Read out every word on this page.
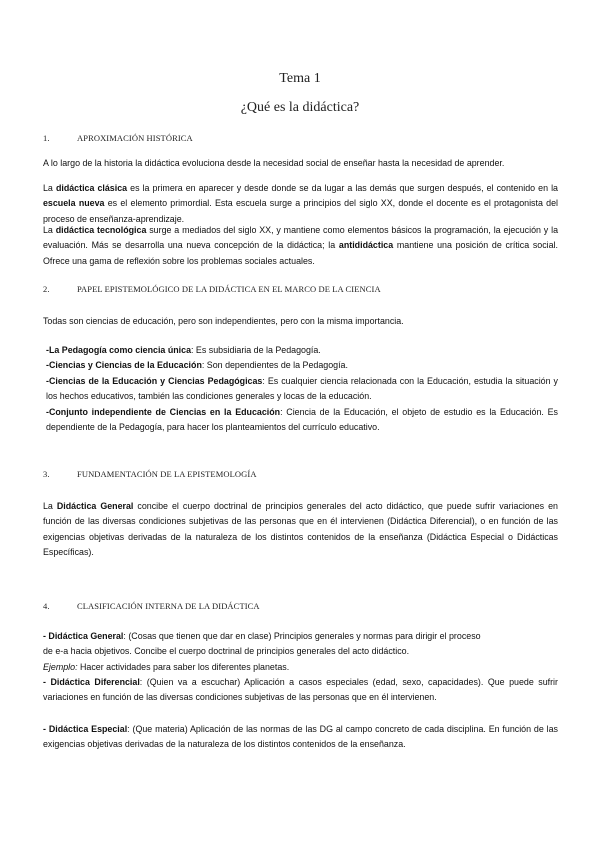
Tema 1
¿Qué es la didáctica?
1.	APROXIMACIÓN HISTÓRICA
A lo largo de la historia la didáctica evoluciona desde la necesidad social de enseñar hasta la necesidad de aprender.
La didáctica clásica es la primera en aparecer y desde donde se da lugar a las demás que surgen después, el contenido en la escuela nueva es el elemento primordial. Esta escuela surge a principios del siglo XX, donde el docente es el protagonista del proceso de enseñanza-aprendizaje.
La didáctica tecnológica surge a mediados del siglo XX, y mantiene como elementos básicos la programación, la ejecución y la evaluación. Más se desarrolla una nueva concepción de la didáctica; la antididáctica mantiene una posición de crítica social. Ofrece una gama de reflexión sobre los problemas sociales actuales.
2.	PAPEL EPISTEMOLÓGICO DE LA DIDÁCTICA EN EL MARCO DE LA CIENCIA
Todas son ciencias de educación, pero son independientes, pero con la misma importancia.
-La Pedagogía como ciencia única: Es subsidiaria de la Pedagogía.
-Ciencias y Ciencias de la Educación: Son dependientes de la Pedagogía.
-Ciencias de la Educación y Ciencias Pedagógicas: Es cualquier ciencia relacionada con la Educación, estudia la situación y los hechos educativos, también las condiciones generales y locas de la educación.
-Conjunto independiente de Ciencias en la Educación: Ciencia de la Educación, el objeto de estudio es la Educación. Es dependiente de la Pedagogía, para hacer los planteamientos del currículo educativo.
3.	FUNDAMENTACIÓN DE LA EPISTEMOLOGÍA
La Didáctica General concibe el cuerpo doctrinal de principios generales del acto didáctico, que puede sufrir variaciones en función de las diversas condiciones subjetivas de las personas que en él intervienen (Didáctica Diferencial), o en función de las exigencias objetivas derivadas de la naturaleza de los distintos contenidos de la enseñanza (Didáctica Especial o Didácticas Específicas).
4.	CLASIFICACIÓN INTERNA DE LA DIDÁCTICA
- Didáctica General: (Cosas que tienen que dar en clase) Principios generales y normas para dirigir el proceso
de e-a hacia objetivos. Concibe el cuerpo doctrinal de principios generales del acto didáctico.
Ejemplo: Hacer actividades para saber los diferentes planetas.
- Didáctica Diferencial: (Quien va a escuchar) Aplicación a casos especiales (edad, sexo, capacidades). Que puede sufrir variaciones en función de las diversas condiciones subjetivas de las personas que en él intervienen.
- Didáctica Especial: (Que materia) Aplicación de las normas de las DG al campo concreto de cada disciplina. En función de las exigencias objetivas derivadas de la naturaleza de los distintos contenidos de la enseñanza.
